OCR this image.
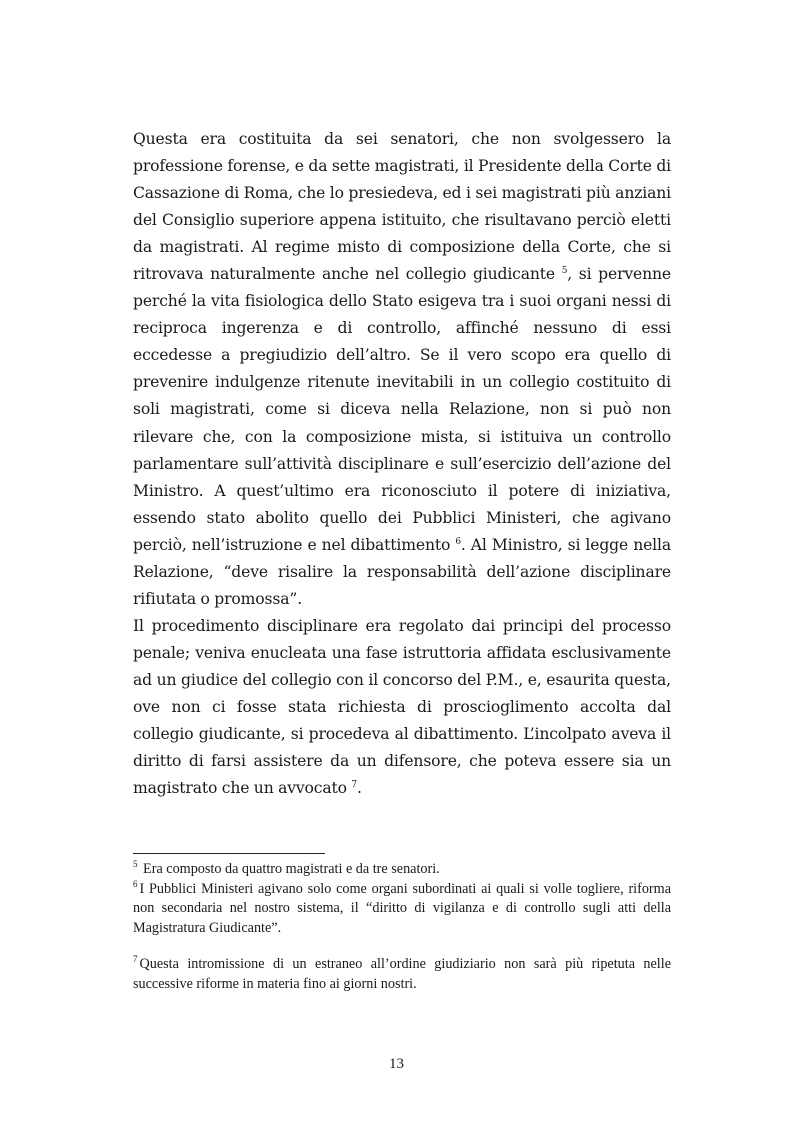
Questa era costituita da sei senatori, che non svolgessero la professione forense, e da sette magistrati, il Presidente della Corte di Cassazione di Roma, che lo presiedeva, ed i sei magistrati più anziani del Consiglio superiore appena istituito, che risultavano perciò eletti da magistrati. Al regime misto di composizione della Corte, che si ritrovava naturalmente anche nel collegio giudicante $^5$, si pervenne perché la vita fisiologica dello Stato esigeva tra i suoi organi nessi di reciproca ingerenza e di controllo, affinché nessuno di essi eccedesse a pregiudizio dell’altro. Se il vero scopo era quello di prevenire indulgenze ritenute inevitabili in un collegio costituito di soli magistrati, come si diceva nella Relazione, non si può non rilevare che, con la composizione mista, si istituiva un controllo parlamentare sull’attività disciplinare e sull’esercizio dell’azione del Ministro. A quest’ultimo era riconosciuto il potere di iniziativa, essendo stato abolito quello dei Pubblici Ministeri, che agivano perciò, nell’istruzione e nel dibattimento $^6$. Al Ministro, si legge nella Relazione, “deve risalire la responsabilità dell’azione disciplinare rifiutata o promossa”.

Il procedimento disciplinare era regolato dai principi del processo penale; veniva enucleata una fase istruttoria affidata esclusivamente ad un giudice del collegio con il concorso del P.M., e, esaurita questa, ove non ci fosse stata richiesta di proscioglimento accolta dal collegio giudicante, si procedeva al dibattimento. L’incolpato aveva il diritto di farsi assistere da un difensore, che poteva essere sia un magistrato che un avvocato $^7$.

$^5$ Era composto da quattro magistrati e da tre senatori.

$^6$ I Pubblici Ministeri agivano solo come organi subordinati ai quali si volle togliere, riforma non secondaria nel nostro sistema, il “diritto di vigilanza e di controllo sugli atti della Magistratura Giudicante”.

$^7$ Questa intromissione di un estraneo all’ordine giudiziario non sarà più ripetuta nelle successive riforme in materia fino ai giorni nostri.

13
